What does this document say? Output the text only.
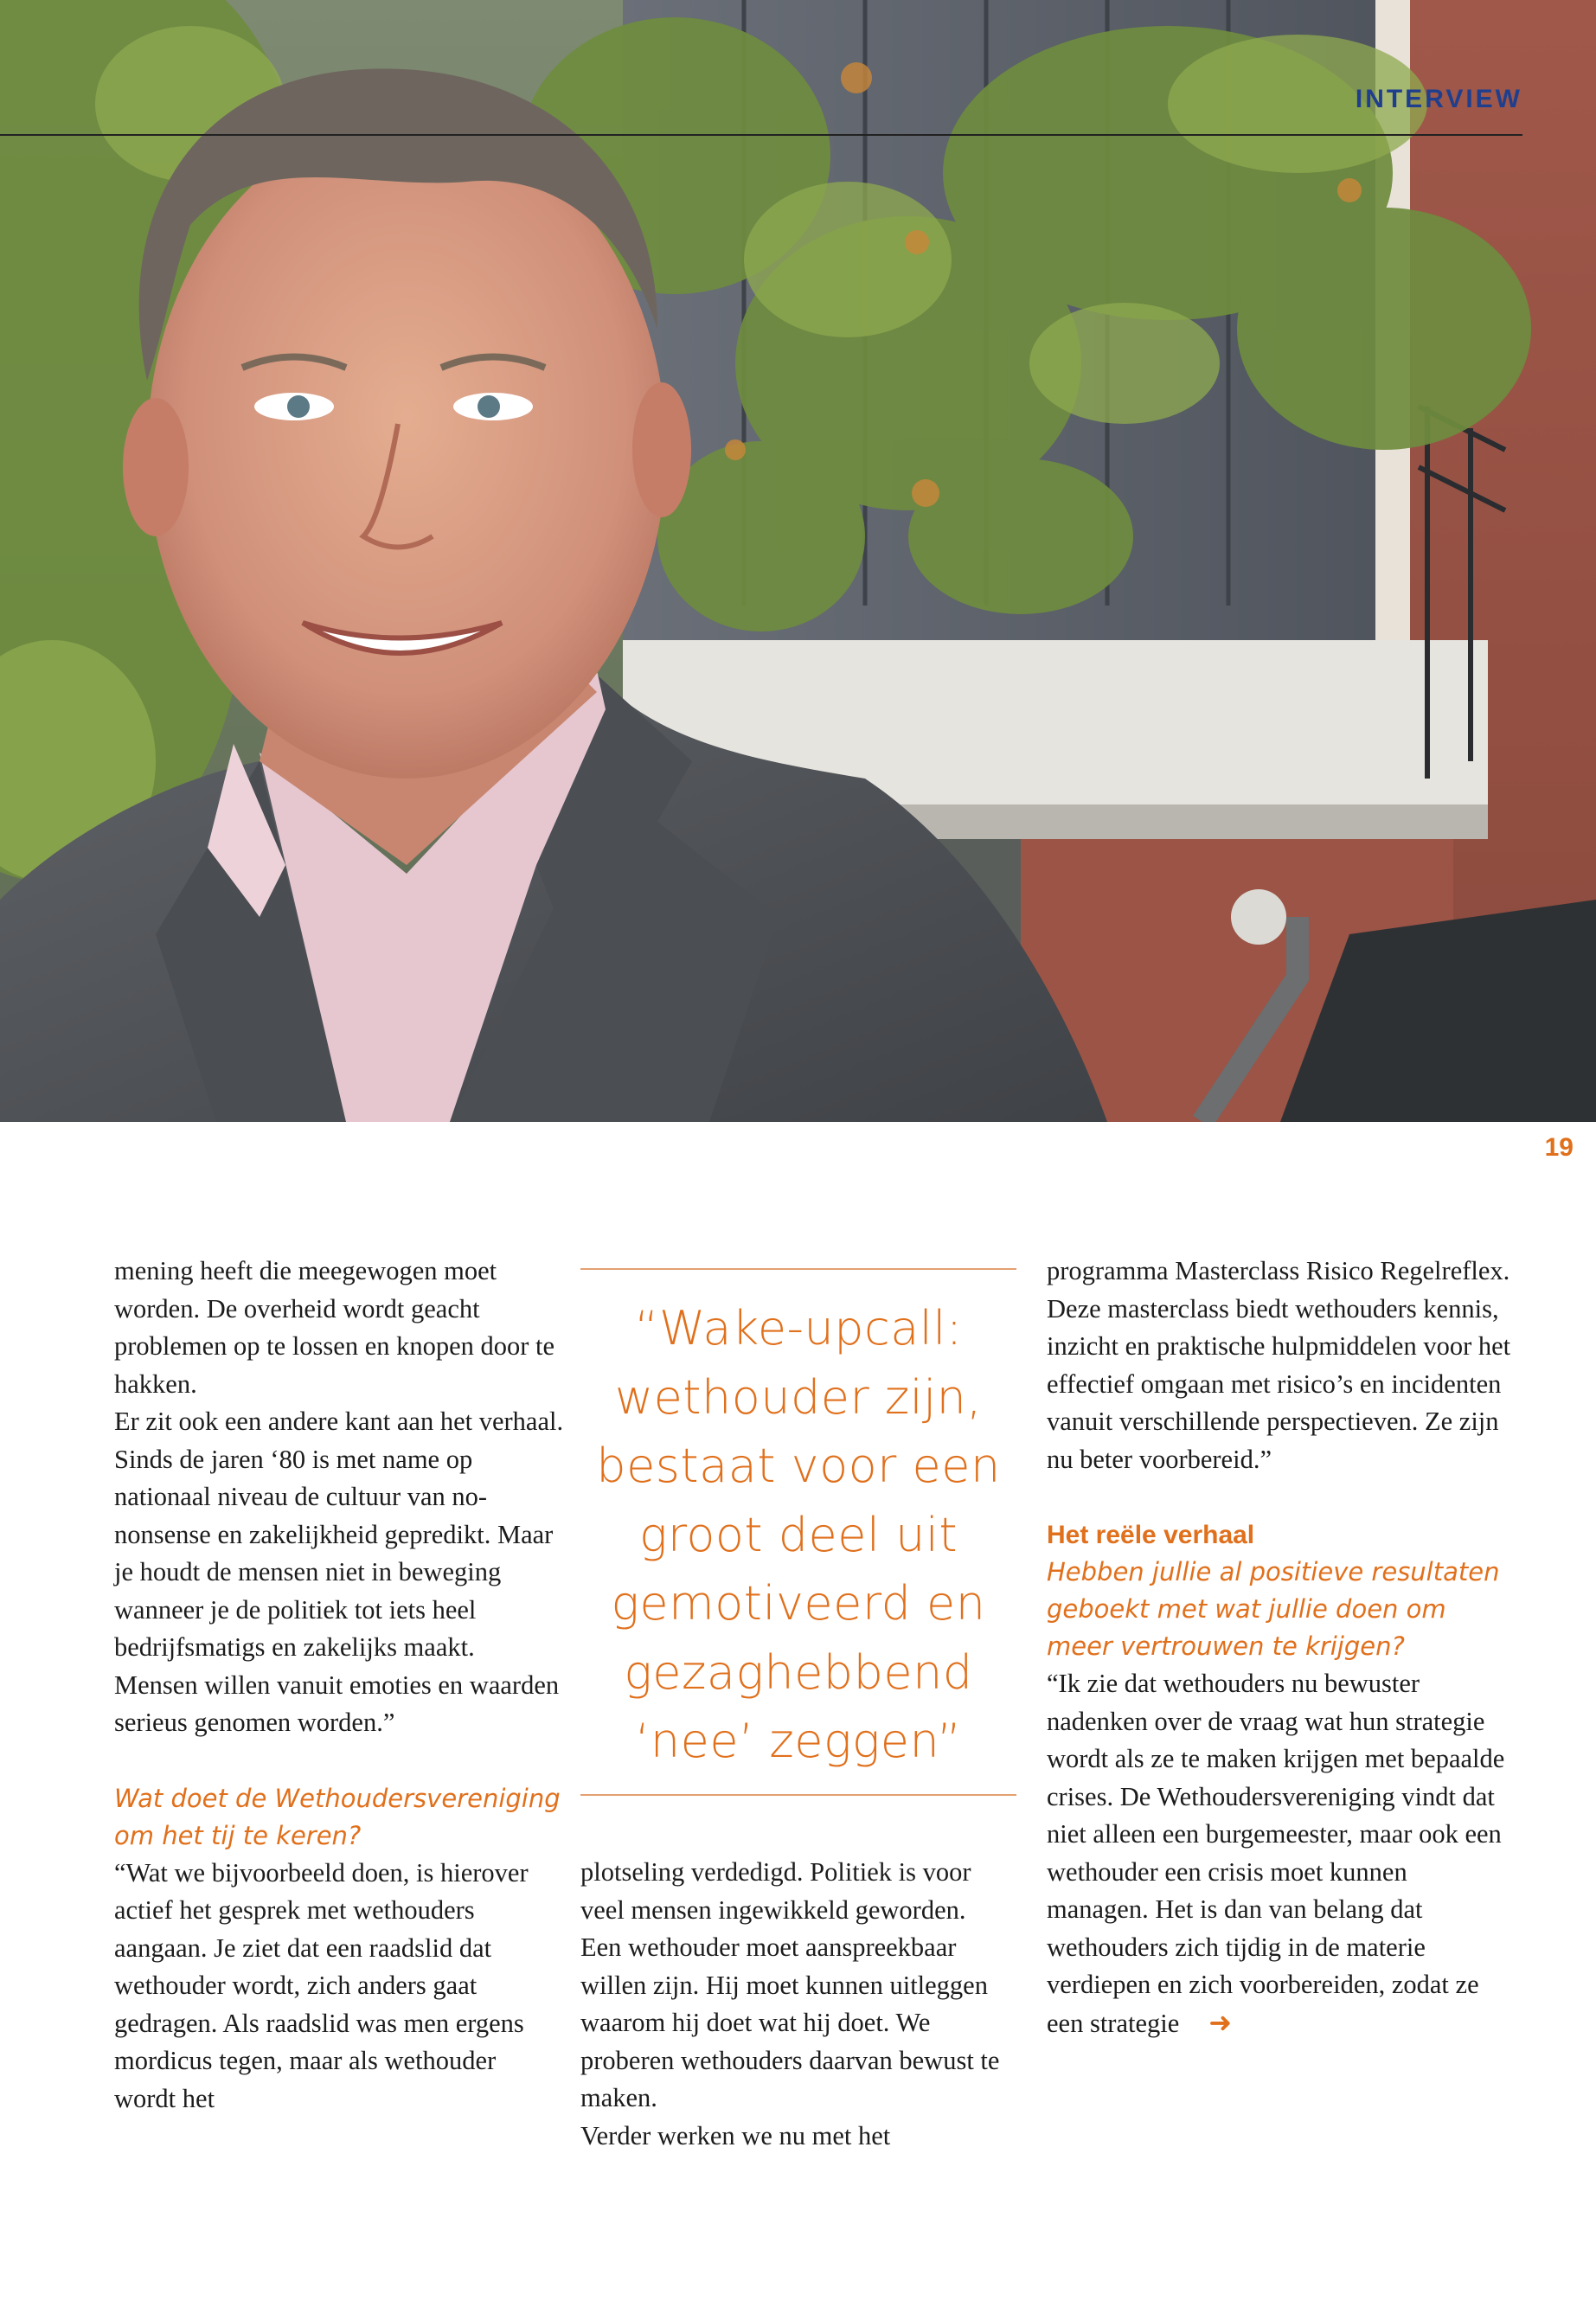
INTERVIEW
19

mening heeft die meegewogen moet worden. De overheid wordt geacht problemen op te lossen en knopen door te hakken.

Er zit ook een andere kant aan het verhaal. Sinds de jaren ‘80 is met name op nationaal niveau de cultuur van no-nonsense en zakelijkheid gepredikt. Maar je houdt de mensen niet in beweging wanneer je de politiek tot iets heel bedrijfsmatigs en zakelijks maakt. Mensen willen vanuit emoties en waarden serieus genomen worden.”

Wat doet de Wethoudersvereniging om het tij te keren?

“Wat we bijvoorbeeld doen, is hierover actief het gesprek met wethouders aangaan. Je ziet dat een raadslid dat wethouder wordt, zich anders gaat gedragen. Als raadslid was men ergens mordicus tegen, maar als wethouder wordt het

“Wake-upcall: wethouder zijn, bestaat voor een groot deel uit gemotiveerd en gezaghebbend ‘nee’ zeggen”

plotseling verdedigd. Politiek is voor veel mensen ingewikkeld geworden. Een wethouder moet aanspreekbaar willen zijn. Hij moet kunnen uitleggen waarom hij doet wat hij doet. We proberen wethouders daarvan bewust te maken.

Verder werken we nu met het

programma Masterclass Risico Regelreflex. Deze masterclass biedt wethouders kennis, inzicht en praktische hulpmiddelen voor het effectief omgaan met risico’s en incidenten vanuit verschillende perspectieven. Ze zijn nu beter voorbereid.”

Het reële verhaal

Hebben jullie al positieve resultaten geboekt met wat jullie doen om meer vertrouwen te krijgen?

“Ik zie dat wethouders nu bewuster nadenken over de vraag wat hun strategie wordt als ze te maken krijgen met bepaalde crises. De Wethoudersvereniging vindt dat niet alleen een burgemeester, maar ook een wethouder een crisis moet kunnen managen. Het is dan van belang dat wethouders zich tijdig in de materie verdiepen en zich voorbereiden, zodat ze een strategie ➜
